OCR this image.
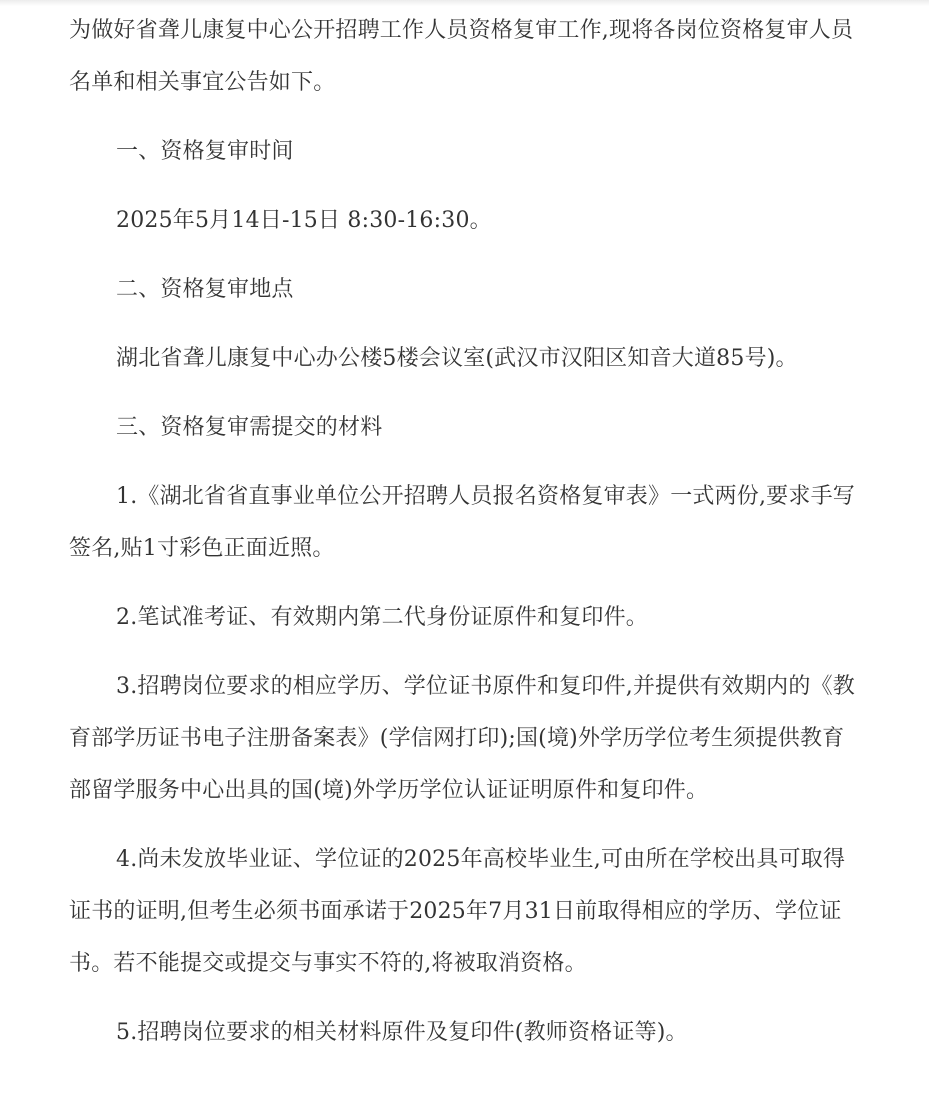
为做好省聋儿康复中心公开招聘工作人员资格复审工作,现将各岗位资格复审人员名单和相关事宜公告如下。

一、资格复审时间

2025年5月14日-15日 8:30-16:30。

二、资格复审地点

湖北省聋儿康复中心办公楼5楼会议室(武汉市汉阳区知音大道85号)。

三、资格复审需提交的材料

1.《湖北省省直事业单位公开招聘人员报名资格复审表》一式两份,要求手写签名,贴1寸彩色正面近照。

2.笔试准考证、有效期内第二代身份证原件和复印件。

3.招聘岗位要求的相应学历、学位证书原件和复印件,并提供有效期内的《教育部学历证书电子注册备案表》(学信网打印);国(境)外学历学位考生须提供教育部留学服务中心出具的国(境)外学历学位认证证明原件和复印件。

4.尚未发放毕业证、学位证的2025年高校毕业生,可由所在学校出具可取得证书的证明,但考生必须书面承诺于2025年7月31日前取得相应的学历、学位证书。若不能提交或提交与事实不符的,将被取消资格。

5.招聘岗位要求的相关材料原件及复印件(教师资格证等)。
